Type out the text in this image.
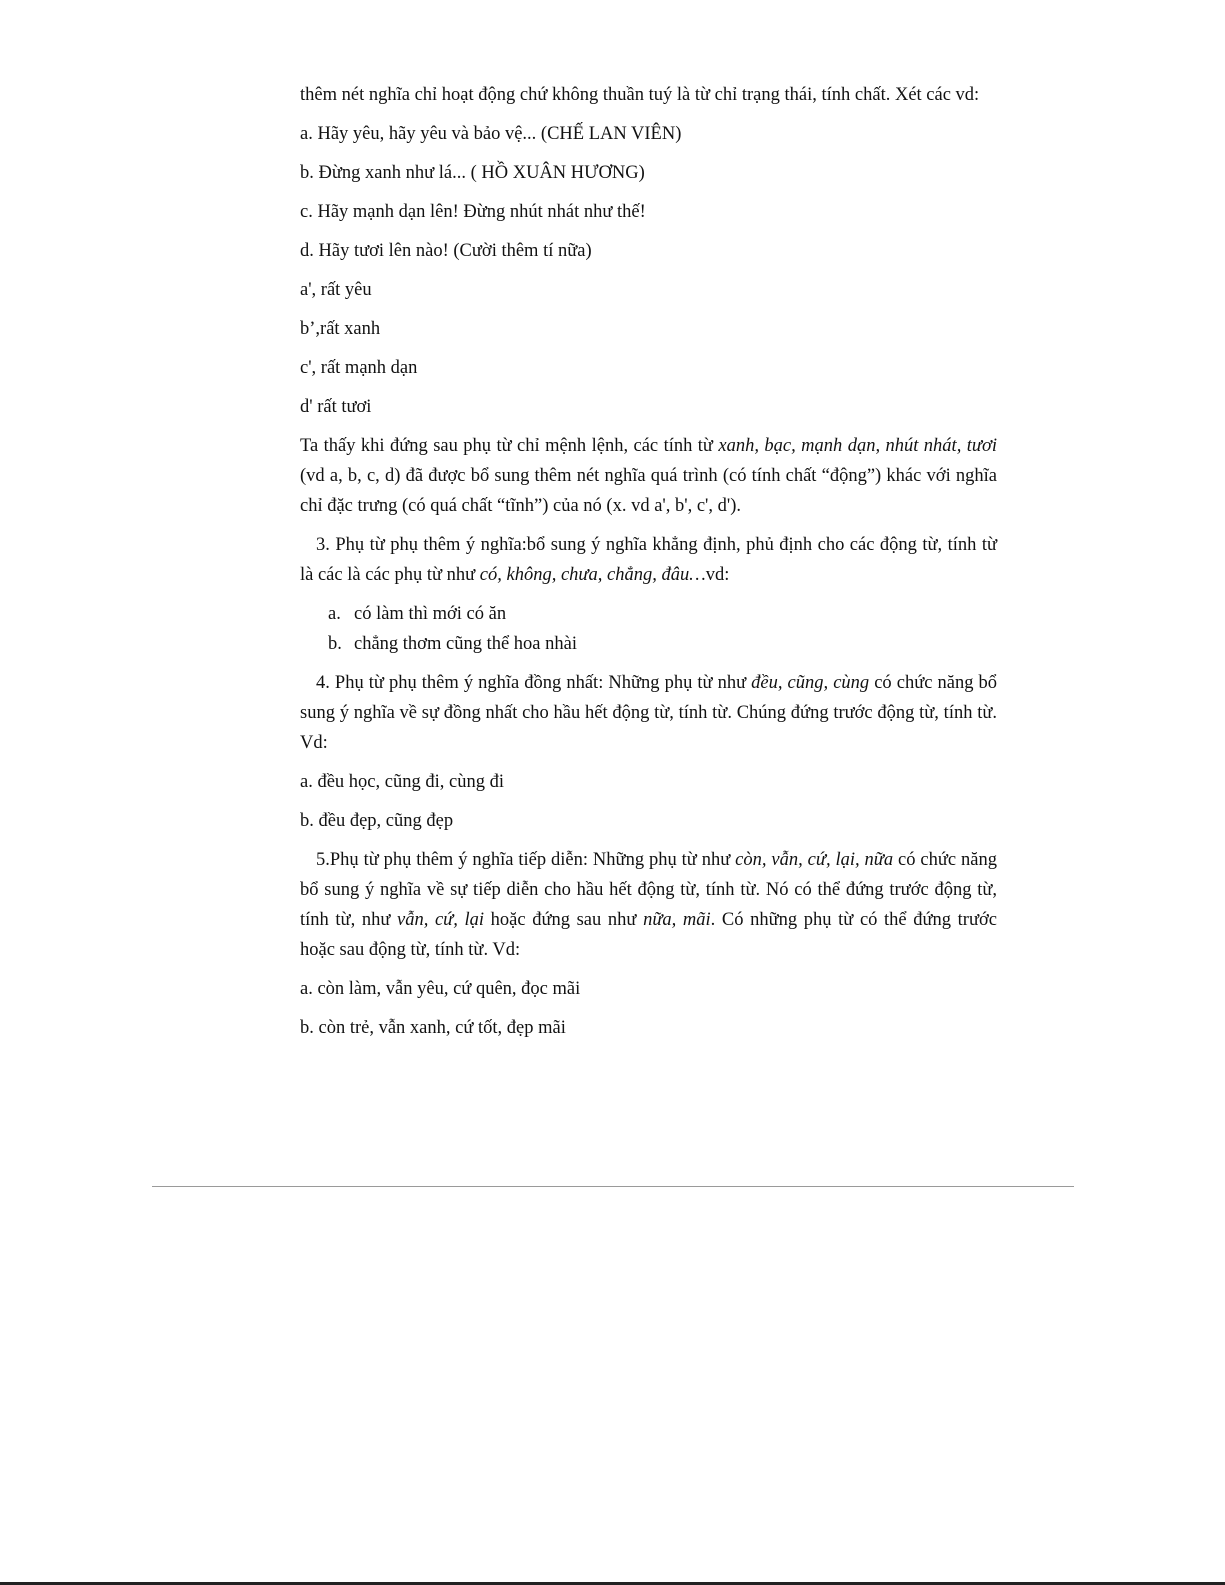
thêm nét nghĩa chỉ hoạt động chứ không thuần tuý là từ chỉ trạng thái, tính chất. Xét các vd:

a. Hãy yêu, hãy yêu và bảo vệ... (CHẾ LAN VIÊN)

b. Đừng xanh như lá... ( HỒ XUÂN HƯƠNG)

c. Hãy mạnh dạn lên! Đừng nhút nhát như thế!

d. Hãy tươi lên nào! (Cười thêm tí nữa)

a', rất yêu

b’,rất xanh

c', rất mạnh dạn

d' rất tươi

Ta thấy khi đứng sau phụ từ chỉ mệnh lệnh, các tính từ xanh, bạc, mạnh dạn, nhút nhát, tươi (vd a, b, c, d) đã được bổ sung thêm nét nghĩa quá trình (có tính chất “động”) khác với nghĩa chỉ đặc trưng (có quá chất “tĩnh”) của nó (x. vd a', b', c', d').

3. Phụ từ phụ thêm ý nghĩa:bổ sung ý nghĩa khẳng định, phủ định cho các động từ, tính từ là các là các phụ từ như có, không, chưa, chẳng, đâu…vd:

a. có làm thì mới có ăn
b. chẳng thơm cũng thể hoa nhài

4. Phụ từ phụ thêm ý nghĩa đồng nhất: Những phụ từ như đều, cũng, cùng có chức năng bổ sung ý nghĩa về sự đồng nhất cho hầu hết động từ, tính từ. Chúng đứng trước động từ, tính từ. Vd:

a. đều học, cũng đi, cùng đi

b. đều đẹp, cũng đẹp

5.Phụ từ phụ thêm ý nghĩa tiếp diễn: Những phụ từ như còn, vẫn, cứ, lại, nữa có chức năng bổ sung ý nghĩa về sự tiếp diễn cho hầu hết động từ, tính từ. Nó có thể đứng trước động từ, tính từ, như vẫn, cứ, lại hoặc đứng sau như nữa, mãi. Có những phụ từ có thể đứng trước hoặc sau động từ, tính từ. Vd:

a. còn làm, vẫn yêu, cứ quên, đọc mãi

b. còn trẻ, vẫn xanh, cứ tốt, đẹp mãi
